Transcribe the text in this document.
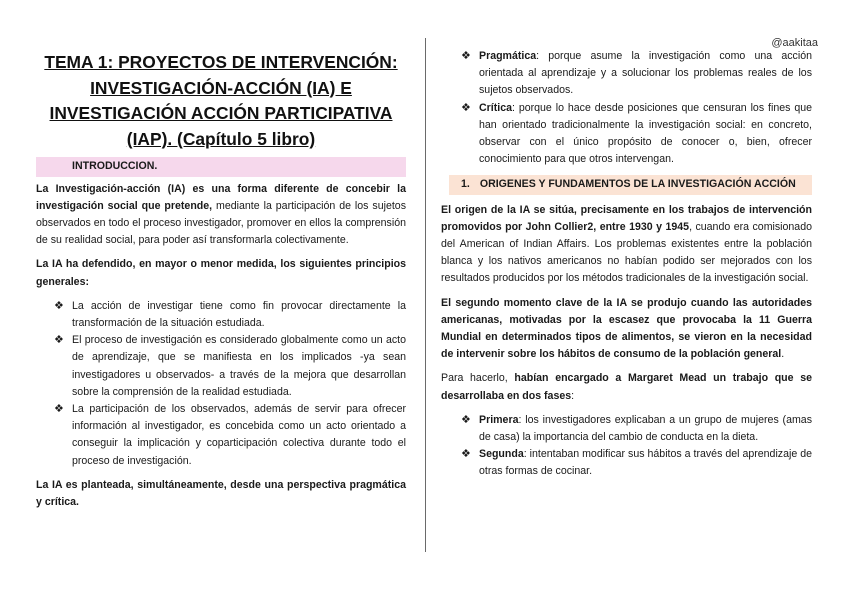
@aakitaa
TEMA 1: PROYECTOS DE INTERVENCIÓN: INVESTIGACIÓN-ACCIÓN (IA) E INVESTIGACIÓN ACCIÓN PARTICIPATIVA (IAP). (Capítulo 5 libro)
INTRODUCCION.

La Investigación-acción (IA) es una forma diferente de concebir la investigación social que pretende, mediante la participación de los sujetos observados en todo el proceso investigador, promover en ellos la comprensión de su realidad social, para poder así transformarla colectivamente.

La IA ha defendido, en mayor o menor medida, los siguientes principios generales:

❖ La acción de investigar tiene como fin provocar directamente la transformación de la situación estudiada.
❖ El proceso de investigación es considerado globalmente como un acto de aprendizaje, que se manifiesta en los implicados -ya sean investigadores u observados- a través de la mejora que desarrollan sobre la comprensión de la realidad estudiada.
❖ La participación de los observados, además de servir para ofrecer información al investigador, es concebida como un acto orientado a conseguir la implicación y coparticipación colectiva durante todo el proceso de investigación.

La IA es planteada, simultáneamente, desde una perspectiva pragmática y crítica.

❖ Pragmática: porque asume la investigación como una acción orientada al aprendizaje y a solucionar los problemas reales de los sujetos observados.
❖ Crítica: porque lo hace desde posiciones que censuran los fines que han orientado tradicionalmente la investigación social: en concreto, observar con el único propósito de conocer o, bien, ofrecer conocimiento para que otros intervengan.
1. ORIGENES Y FUNDAMENTOS DE LA INVESTIGACIÓN ACCIÓN

El origen de la IA se sitúa, precisamente en los trabajos de intervención promovidos por John Collier2, entre 1930 y 1945, cuando era comisionado del American of Indian Affairs. Los problemas existentes entre la población blanca y los nativos americanos no habían podido ser mejorados con los resultados producidos por los métodos tradicionales de la investigación social.

El segundo momento clave de la IA se produjo cuando las autoridades americanas, motivadas por la escasez que provocaba la 11 Guerra Mundial en determinados tipos de alimentos, se vieron en la necesidad de intervenir sobre los hábitos de consumo de la población general.

Para hacerlo, habían encargado a Margaret Mead un trabajo que se desarrollaba en dos fases:

❖ Primera: los investigadores explicaban a un grupo de mujeres (amas de casa) la importancia del cambio de conducta en la dieta.
❖ Segunda: intentaban modificar sus hábitos a través del aprendizaje de otras formas de cocinar.
